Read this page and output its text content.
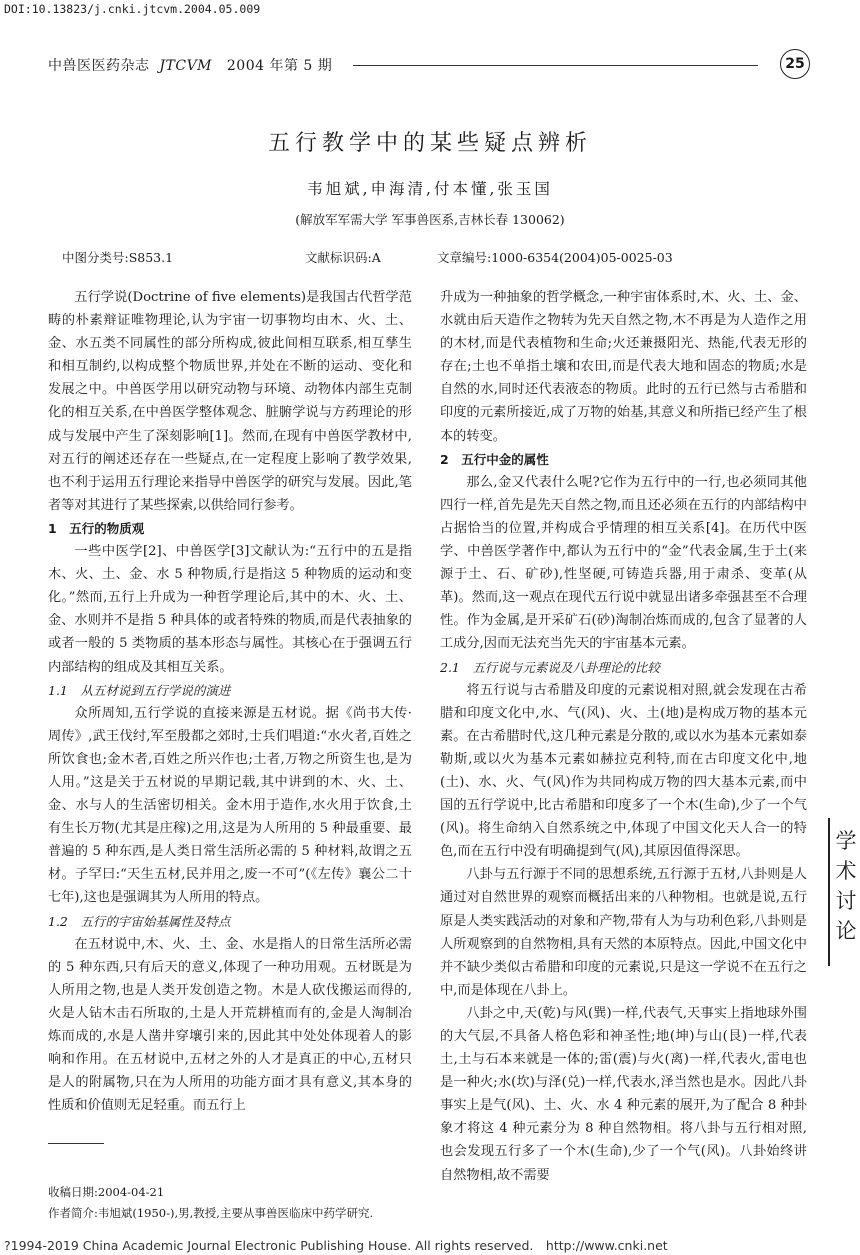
DOI:10.13823/j.cnki.jtcvm.2004.05.009
中兽医医药杂志 JTCVM 2004 年第 5 期	25
五行教学中的某些疑点辨析
韦旭斌,申海清,付本懂,张玉国
(解放军军需大学 军事兽医系,吉林长春 130062)
中图分类号:S853.1	文献标识码:A	文章编号:1000-6354(2004)05-0025-03

五行学说(Doctrine of five elements)是我国古代哲学范畴的朴素辩证唯物理论,认为宇宙一切事物均由木、火、土、金、水五类不同属性的部分所构成,彼此间相互联系,相互孳生和相互制约,以构成整个物质世界,并处在不断的运动、变化和发展之中。中兽医学用以研究动物与环境、动物体内部生克制化的相互关系,在中兽医学整体观念、脏腑学说与方药理论的形成与发展中产生了深刻影响[1]。然而,在现有中兽医学教材中,对五行的阐述还存在一些疑点,在一定程度上影响了教学效果,也不利于运用五行理论来指导中兽医学的研究与发展。因此,笔者等对其进行了某些探索,以供给同行参考。

1　五行的物质观

一些中医学[2]、中兽医学[3]文献认为:“五行中的五是指木、火、土、金、水 5 种物质,行是指这 5 种物质的运动和变化。”然而,五行上升成为一种哲学理论后,其中的木、火、土、金、水则并不是指 5 种具体的或者特殊的物质,而是代表抽象的或者一般的 5 类物质的基本形态与属性。其核心在于强调五行内部结构的组成及其相互关系。

1.1　从五材说到五行学说的演进

众所周知,五行学说的直接来源是五材说。据《尚书大传·周传》,武王伐纣,军至殷都之郊时,士兵们唱道:“水火者,百姓之所饮食也;金木者,百姓之所兴作也;土者,万物之所资生也,是为人用。”这是关于五材说的早期记载,其中讲到的木、火、土、金、水与人的生活密切相关。金木用于造作,水火用于饮食,土有生长万物(尤其是庄稼)之用,这是为人所用的 5 种最重要、最普遍的 5 种东西,是人类日常生活所必需的 5 种材料,故谓之五材。子罕曰:“天生五材,民并用之,废一不可”(《左传》襄公二十七年),这也是强调其为人所用的特点。

1.2　五行的宇宙始基属性及特点

在五材说中,木、火、土、金、水是指人的日常生活所必需的 5 种东西,只有后天的意义,体现了一种功用观。五材既是为人所用之物,也是人类开发创造之物。木是人砍伐搬运而得的,火是人钻木击石所取的,土是人开荒耕植而有的,金是人淘制冶炼而成的,水是人凿井穿壤引来的,因此其中处处体现着人的影响和作用。在五材说中,五材之外的人才是真正的中心,五材只是人的附属物,只在为人所用的功能方面才具有意义,其本身的性质和价值则无足轻重。而五行上

升成为一种抽象的哲学概念,一种宇宙体系时,木、火、土、金、水就由后天造作之物转为先天自然之物,木不再是为人造作之用的木材,而是代表植物和生命;火还兼摄阳光、热能,代表无形的存在;土也不单指土壤和农田,而是代表大地和固态的物质;水是自然的水,同时还代表液态的物质。此时的五行已然与古希腊和印度的元素所接近,成了万物的始基,其意义和所指已经产生了根本的转变。

2　五行中金的属性

那么,金又代表什么呢?它作为五行中的一行,也必须同其他四行一样,首先是先天自然之物,而且还必须在五行的内部结构中占据恰当的位置,并构成合乎情理的相互关系[4]。在历代中医学、中兽医学著作中,都认为五行中的“金”代表金属,生于土(来源于土、石、矿砂),性坚硬,可铸造兵器,用于肃杀、变革(从革)。然而,这一观点在现代五行说中就显出诸多牵强甚至不合理性。作为金属,是开采矿石(砂)淘制冶炼而成的,包含了显著的人工成分,因而无法充当先天的宇宙基本元素。

2.1　五行说与元素说及八卦理论的比较

将五行说与古希腊及印度的元素说相对照,就会发现在古希腊和印度文化中,水、气(风)、火、土(地)是构成万物的基本元素。在古希腊时代,这几种元素是分散的,或以水为基本元素如泰勒斯,或以火为基本元素如赫拉克利特,而在古印度文化中,地(土)、水、火、气(风)作为共同构成万物的四大基本元素,而中国的五行学说中,比古希腊和印度多了一个木(生命),少了一个气(风)。将生命纳入自然系统之中,体现了中国文化天人合一的特色,而在五行中没有明确提到气(风),其原因值得深思。

八卦与五行源于不同的思想系统,五行源于五材,八卦则是人通过对自然世界的观察而概括出来的八种物相。也就是说,五行原是人类实践活动的对象和产物,带有人为与功利色彩,八卦则是人所观察到的自然物相,具有天然的本原特点。因此,中国文化中并不缺少类似古希腊和印度的元素说,只是这一学说不在五行之中,而是体现在八卦上。

八卦之中,天(乾)与风(巽)一样,代表气,天事实上指地球外围的大气层,不具备人格色彩和神圣性;地(坤)与山(艮)一样,代表土,土与石本来就是一体的;雷(震)与火(离)一样,代表火,雷电也是一种火;水(坎)与泽(兑)一样,代表水,泽当然也是水。因此八卦事实上是气(风)、土、火、水 4 种元素的展开,为了配合 8 种卦象才将这 4 种元素分为 8 种自然物相。将八卦与五行相对照,也会发现五行多了一个木(生命),少了一个气(风)。八卦始终讲自然物相,故不需要

收稿日期:2004-04-21
作者简介:韦旭斌(1950-),男,教授,主要从事兽医临床中药学研究.
学术讨论
?1994-2019 China Academic Journal Electronic Publishing House. All rights reserved.　http://www.cnki.net
